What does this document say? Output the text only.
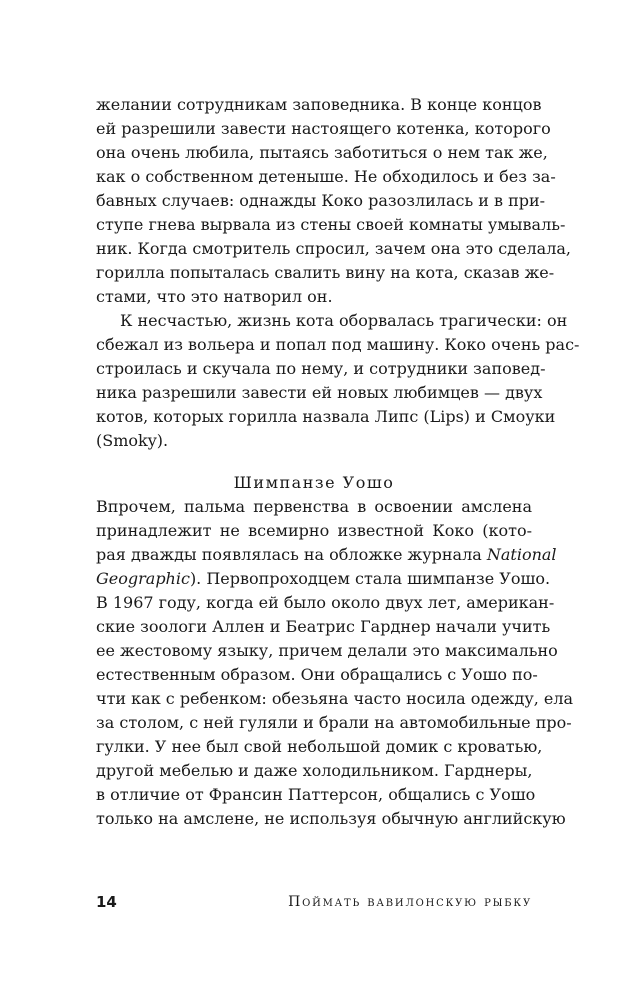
желании сотрудникам заповедника. В конце концов
ей разрешили завести настоящего котенка, которого
она очень любила, пытаясь заботиться о нем так же,
как о собственном детеныше. Не обходилось и без за-
бавных случаев: однажды Коко разозлилась и в при-
ступе гнева вырвала из стены своей комнаты умываль-
ник. Когда смотритель спросил, зачем она это сделала,
горилла попыталась свалить вину на кота, сказав же-
стами, что это натворил он.
К несчастью, жизнь кота оборвалась трагически: он
сбежал из вольера и попал под машину. Коко очень рас-
строилась и скучала по нему, и сотрудники заповед-
ника разрешили завести ей новых любимцев — двух
котов, которых горилла назвала Липс (Lips) и Смоуки
(Smoky).
Шимпанзе Уошо
Впрочем, пальма первенства в освоении амслена
принадлежит не всемирно известной Коко (кото-
рая дважды появлялась на обложке журнала National
Geographic). Первопроходцем стала шимпанзе Уошо.
В 1967 году, когда ей было около двух лет, американ-
ские зоологи Аллен и Беатрис Гарднер начали учить
ее жестовому языку, причем делали это максимально
естественным образом. Они обращались с Уошо по-
чти как с ребенком: обезьяна часто носила одежду, ела
за столом, с ней гуляли и брали на автомобильные про-
гулки. У нее был свой небольшой домик с кроватью,
другой мебелью и даже холодильником. Гарднеры,
в отличие от Франсин Паттерсон, общались с Уошо
только на амслене, не используя обычную английскую
14	Поймать вавилонскую рыбку
